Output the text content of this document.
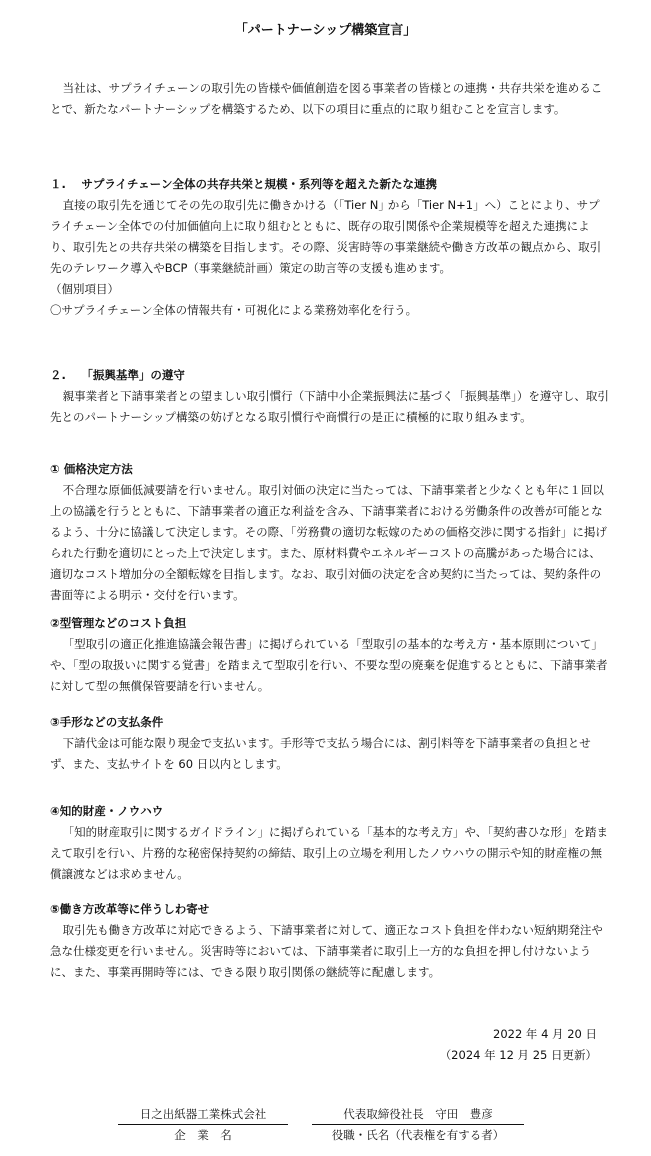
「パートナーシップ構築宣言」

当社は、サプライチェーンの取引先の皆様や価値創造を図る事業者の皆様との連携・共存共栄を進めることで、新たなパートナーシップを構築するため、以下の項目に重点的に取り組むことを宣言します。

１.　 サプライチェーン全体の共存共栄と規模・系列等を超えた新たな連携

直接の取引先を通じてその先の取引先に働きかける（｢Tier N｣ から「Tier N+1」へ）ことにより、サプライチェーン全体での付加価値向上に取り組むとともに、既存の取引関係や企業規模等を超えた連携により、取引先との共存共栄の構築を目指します。その際、災害時等の事業継続や働き方改革の観点から、取引先のテレワーク導入やBCP（事業継続計画）策定の助言等の支援も進めます。

（個別項目）

〇サプライチェーン全体の情報共有・可視化による業務効率化を行う。

２.　 「振興基準」の遵守

親事業者と下請事業者との望ましい取引慣行（下請中小企業振興法に基づく「振興基準」）を遵守し、取引先とのパートナーシップ構築の妨げとなる取引慣行や商慣行の是正に積極的に取り組みます。

① 価格決定方法

不合理な原価低減要請を行いません。取引対価の決定に当たっては、下請事業者と少なくとも年に１回以上の協議を行うとともに、下請事業者の適正な利益を含み、下請事業者における労働条件の改善が可能となるよう、十分に協議して決定します。その際、「労務費の適切な転嫁のための価格交渉に関する指針」に掲げられた行動を適切にとった上で決定します。また、原材料費やエネルギーコストの高騰があった場合には、適切なコスト増加分の全額転嫁を目指します。なお、取引対価の決定を含め契約に当たっては、契約条件の書面等による明示・交付を行います。

②型管理などのコスト負担

「型取引の適正化推進協議会報告書」に掲げられている「型取引の基本的な考え方・基本原則について」や、「型の取扱いに関する覚書」を踏まえて型取引を行い、不要な型の廃棄を促進するとともに、下請事業者に対して型の無償保管要請を行いません。

③手形などの支払条件

下請代金は可能な限り現金で支払います。手形等で支払う場合には、割引料等を下請事業者の負担とせず、また、支払サイトを 60 日以内とします。

④知的財産・ノウハウ

「知的財産取引に関するガイドライン」に掲げられている「基本的な考え方」や、「契約書ひな形」を踏まえて取引を行い、片務的な秘密保持契約の締結、取引上の立場を利用したノウハウの開示や知的財産権の無償譲渡などは求めません。

⑤働き方改革等に伴うしわ寄せ

取引先も働き方改革に対応できるよう、下請事業者に対して、適正なコスト負担を伴わない短納期発注や急な仕様変更を行いません。災害時等においては、下請事業者に取引上一方的な負担を押し付けないように、また、事業再開時等には、できる限り取引関係の継続等に配慮します。

2022 年 4 月 20 日
（2024 年 12 月 25 日更新）
日之出紙器工業株式会社
企　業　名
代表取締役社長　守田　豊彦
役職・氏名（代表権を有する者）
